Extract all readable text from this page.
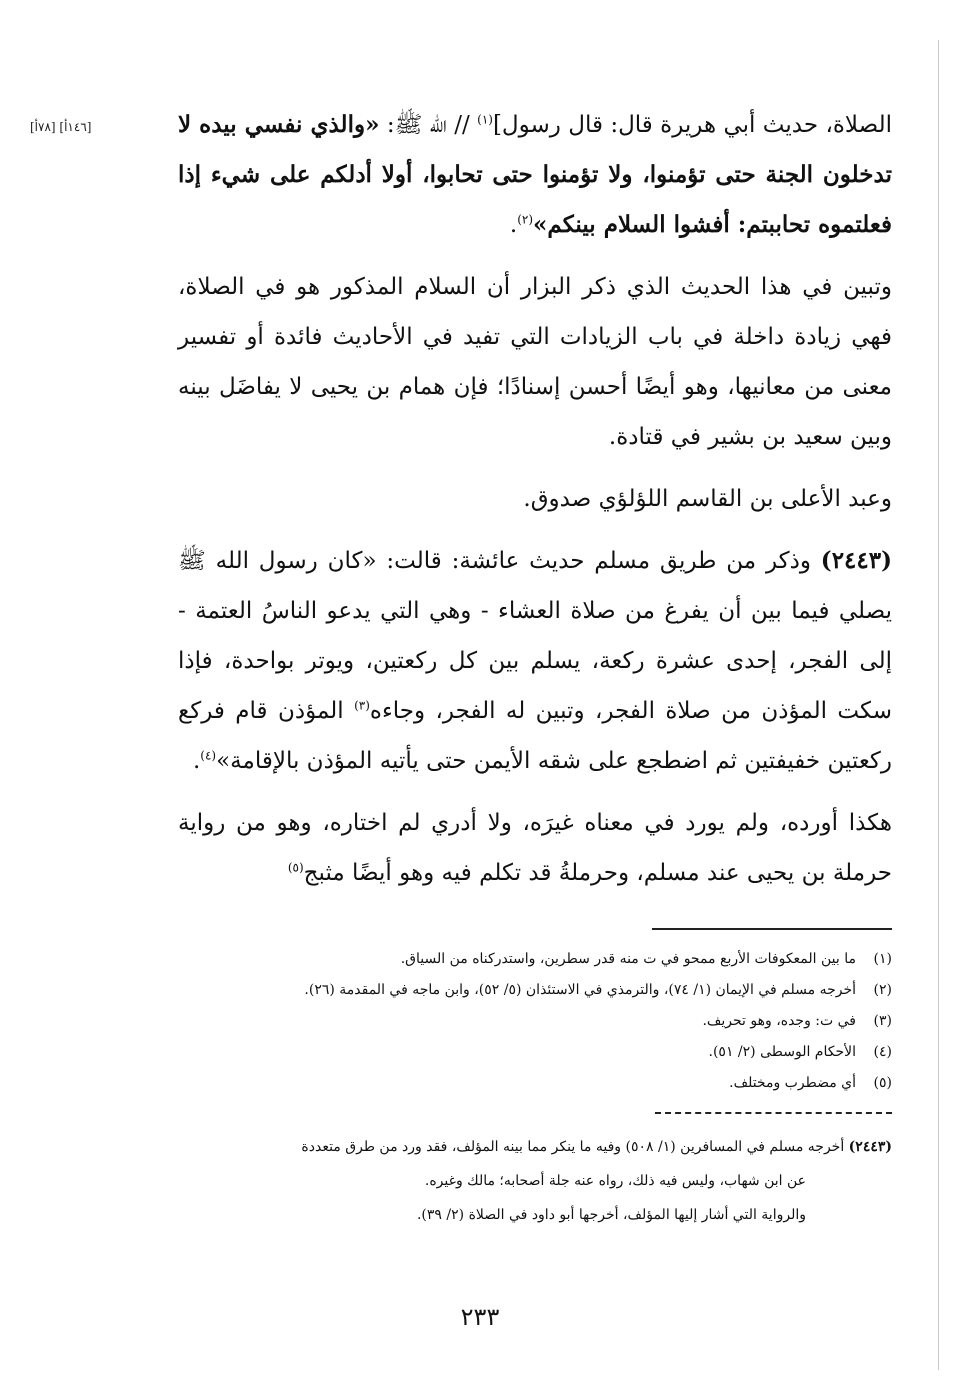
[١٤٦أ] [٧٨أ]	الصلاة، حديث أبي هريرة قال: قال رسول]$^{(١)}$ // الله ﷺ: «والذي نفسي بيده لا تدخلون الجنة حتى تؤمنوا، ولا تؤمنوا حتى تحابوا، أولا أدلكم على شيء إذا فعلتموه تحاببتم: أفشوا السلام بينكم»$^{(٢)}$.

وتبين في هذا الحديث الذي ذكر البزار أن السلام المذكور هو في الصلاة، فهي زيادة داخلة في باب الزيادات التي تفيد في الأحاديث فائدة أو تفسير معنى من معانيها، وهو أيضًا أحسن إسنادًا؛ فإن همام بن يحيى لا يفاضَل بينه وبين سعيد بن بشير في قتادة.

وعبد الأعلى بن القاسم اللؤلؤي صدوق.

(٢٤٤٣) وذكر من طريق مسلم حديث عائشة: قالت: «كان رسول الله ﷺ يصلي فيما بين أن يفرغ من صلاة العشاء - وهي التي يدعو الناسُ العتمة - إلى الفجر، إحدى عشرة ركعة، يسلم بين كل ركعتين، ويوتر بواحدة، فإذا سكت المؤذن من صلاة الفجر، وتبين له الفجر، وجاءه$^{(٣)}$ المؤذن قام فركع ركعتين خفيفتين ثم اضطجع على شقه الأيمن حتى يأتيه المؤذن بالإقامة»$^{(٤)}$.

هكذا أورده، ولم يورد في معناه غيرَه، ولا أدري لم اختاره، وهو من رواية حرملة بن يحيى عند مسلم، وحرملةُ قد تكلم فيه وهو أيضًا مثبج$^{(٥)}$

(١)
ما بين المعكوفات الأربع ممحو في ت منه قدر سطرين، واستدركناه من السياق.
(٢)
أخرجه مسلم في الإيمان (١/ ٧٤)، والترمذي في الاستئذان (٥/ ٥٢)، وابن ماجه في المقدمة (٢٦).
(٣)
في ت: وجده، وهو تحريف.
(٤)
الأحكام الوسطى (٢/ ٥١).
(٥)
أي مضطرب ومختلف.

(٢٤٤٣) أخرجه مسلم في المسافرين (١/ ٥٠٨) وفيه ما ينكر مما بينه المؤلف، فقد ورد من طرق متعددة

عن ابن شهاب، وليس فيه ذلك، رواه عنه جلة أصحابه؛ مالك وغيره.

والرواية التي أشار إليها المؤلف، أخرجها أبو داود في الصلاة (٢/ ٣٩).

٢٣٣
